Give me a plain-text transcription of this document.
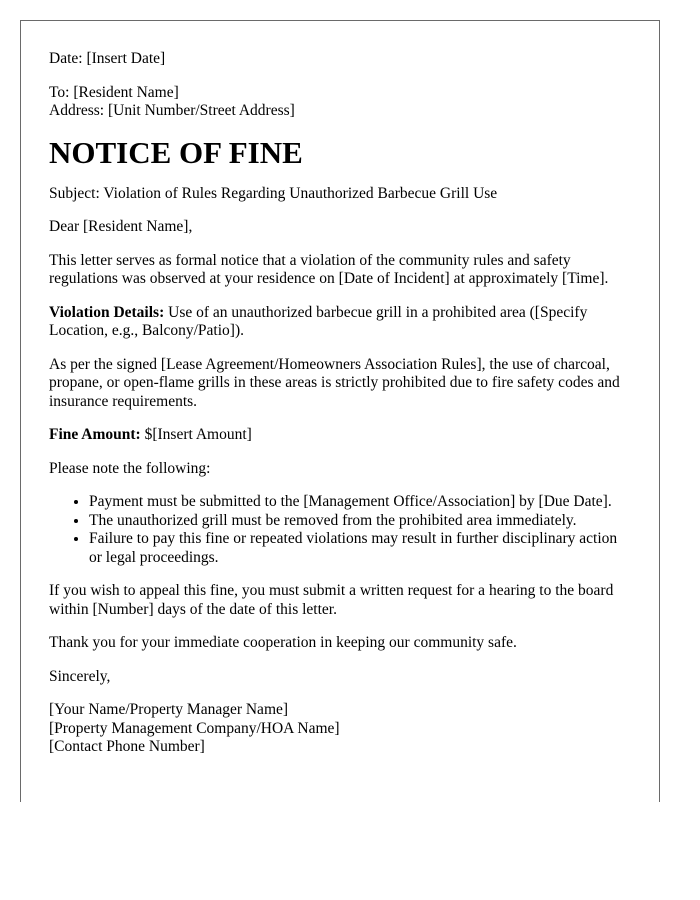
Date: [Insert Date]

To: [Resident Name]

Address: [Unit Number/Street Address]

NOTICE OF FINE

Subject: Violation of Rules Regarding Unauthorized Barbecue Grill Use

Dear [Resident Name],

This letter serves as formal notice that a violation of the community rules and safety regulations was observed at your residence on [Date of Incident] at approximately [Time].

Violation Details: Use of an unauthorized barbecue grill in a prohibited area ([Specify Location, e.g., Balcony/Patio]).

As per the signed [Lease Agreement/Homeowners Association Rules], the use of charcoal, propane, or open-flame grills in these areas is strictly prohibited due to fire safety codes and insurance requirements.

Fine Amount: $[Insert Amount]

Please note the following:

• Payment must be submitted to the [Management Office/Association] by [Due Date].
• The unauthorized grill must be removed from the prohibited area immediately.
• Failure to pay this fine or repeated violations may result in further disciplinary action or legal proceedings.

If you wish to appeal this fine, you must submit a written request for a hearing to the board within [Number] days of the date of this letter.

Thank you for your immediate cooperation in keeping our community safe.

Sincerely,

[Your Name/Property Manager Name]

[Property Management Company/HOA Name]

[Contact Phone Number]
